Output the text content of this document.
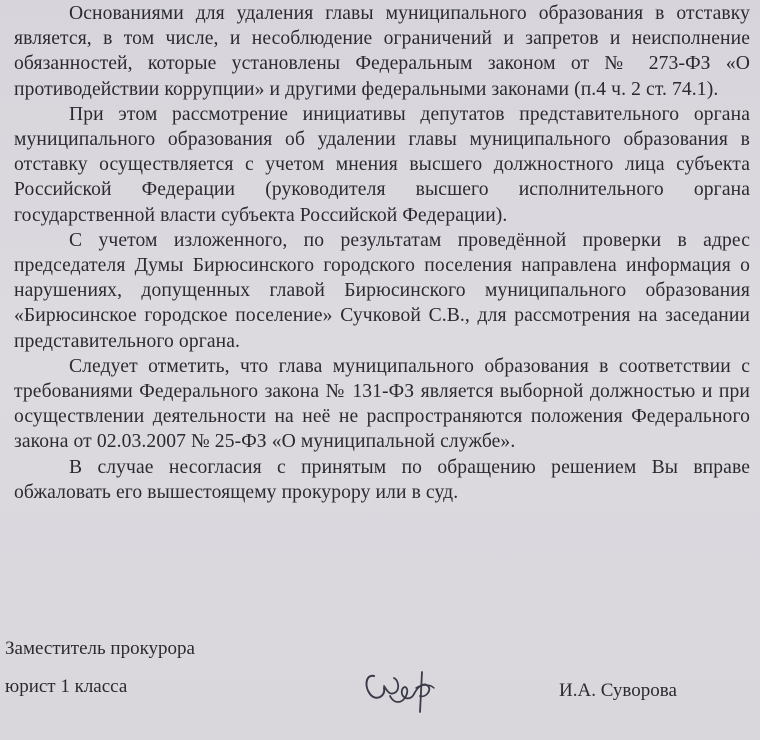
Основаниями для удаления главы муниципального образования в отставку является, в том числе, и несоблюдение ограничений и запретов и неисполнение обязанностей, которые установлены Федеральным законом от № 273-ФЗ «О противодействии коррупции» и другими федеральными законами (п.4 ч. 2 ст. 74.1).

При этом рассмотрение инициативы депутатов представительного органа муниципального образования об удалении главы муниципального образования в отставку осуществляется с учетом мнения высшего должностного лица субъекта Российской Федерации (руководителя высшего исполнительного органа государственной власти субъекта Российской Федерации).

С учетом изложенного, по результатам проведённой проверки в адрес председателя Думы Бирюсинского городского поселения направлена информация о нарушениях, допущенных главой Бирюсинского муниципального образования «Бирюсинское городское поселение» Сучковой С.В., для рассмотрения на заседании представительного органа.

Следует отметить, что глава муниципального образования в соответствии с требованиями Федерального закона № 131-ФЗ является выборной должностью и при осуществлении деятельности на неё не распространяются положения Федерального закона от 02.03.2007 № 25-ФЗ «О муниципальной службе».

В случае несогласия с принятым по обращению решением Вы вправе обжаловать его вышестоящему прокурору или в суд.

Заместитель прокурора
юрист 1 класса	И.А. Суворова
